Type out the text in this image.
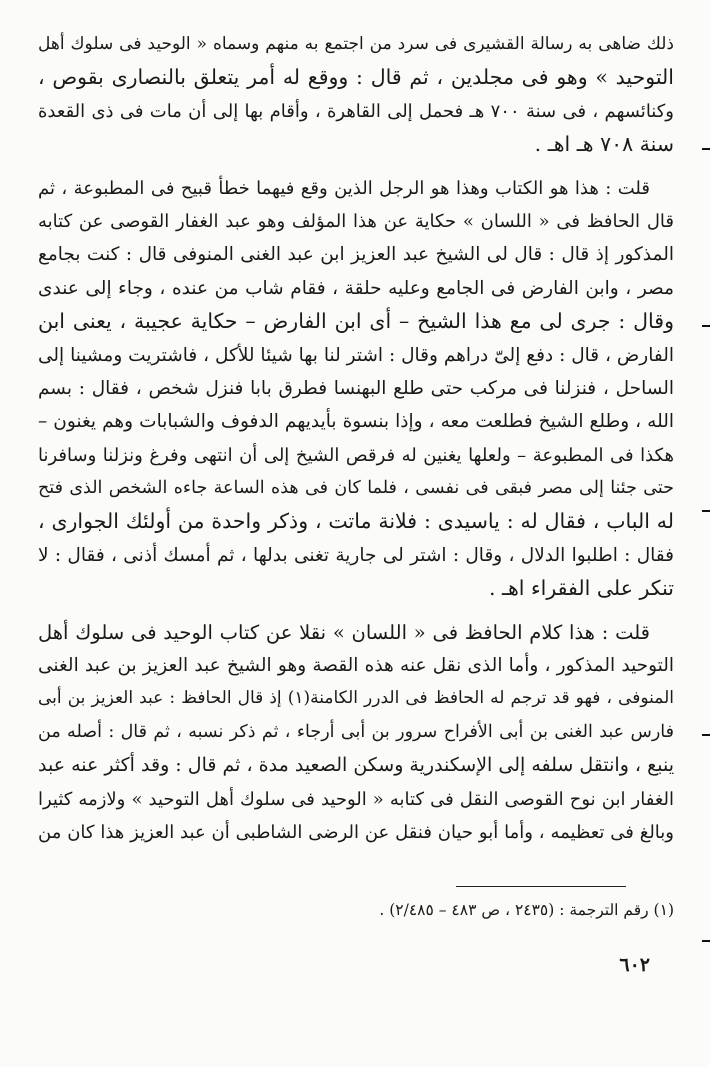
ذلك ضاهى به رسالة القشيرى فى سرد من اجتمع به منهم وسماه « الوحيد فى سلوك أهل
التوحيد » وهو فى مجلدين ، ثم قال : ووقع له أمر يتعلق بالنصارى بقوص ،
وكنائسهم ، فى سنة ٧٠٠ هـ فحمل إلى القاهرة ، وأقام بها إلى أن مات فى ذى القعدة
سنة ٧٠٨ هـ اهـ .
قلت : هذا هو الكتاب وهذا هو الرجل الذين وقع فيهما خطأ قبيح فى المطبوعة ، ثم
قال الحافظ فى « اللسان » حكاية عن هذا المؤلف وهو عبد الغفار القوصى عن كتابه
المذكور إذ قال : قال لى الشيخ عبد العزيز ابن عبد الغنى المنوفى قال : كنت بجامع
مصر ، وابن الفارض فى الجامع وعليه حلقة ، فقام شاب من عنده ، وجاء إلى عندى
وقال : جرى لى مع هذا الشيخ – أى ابن الفارض – حكاية عجيبة ، يعنى ابن
الفارض ، قال : دفع إلىّ دراهم وقال : اشتر لنا بها شيئا للأكل ، فاشتريت ومشينا إلى
الساحل ، فنزلنا فى مركب حتى طلع البهنسا فطرق بابا فنزل شخص ، فقال : بسم
الله ، وطلع الشيخ فطلعت معه ، وإذا بنسوة بأيديهم الدفوف والشبابات وهم يغنون –
هكذا فى المطبوعة – ولعلها يغنين له فرقص الشيخ إلى أن انتهى وفرغ ونزلنا وسافرنا
حتى جئنا إلى مصر فبقى فى نفسى ، فلما كان فى هذه الساعة جاءه الشخص الذى فتح
له الباب ، فقال له : ياسيدى : فلانة ماتت ، وذكر واحدة من أولئك الجوارى ،
فقال : اطلبوا الدلال ، وقال : اشتر لى جارية تغنى بدلها ، ثم أمسك أذنى ، فقال : لا
تنكر على الفقراء اهـ .
قلت : هذا كلام الحافظ فى « اللسان » نقلا عن كتاب الوحيد فى سلوك أهل
التوحيد المذكور ، وأما الذى نقل عنه هذه القصة وهو الشيخ عبد العزيز بن عبد الغنى
المنوفى ، فهو قد ترجم له الحافظ فى الدرر الكامنة(١) إذ قال الحافظ : عبد العزيز بن أبى
فارس عبد الغنى بن أبى الأفراح سرور بن أبى أرجاء ، ثم ذكر نسبه ، ثم قال : أصله من
ينبع ، وانتقل سلفه إلى الإسكندرية وسكن الصعيد مدة ، ثم قال : وقد أكثر عنه عبد
الغفار ابن نوح القوصى النقل فى كتابه « الوحيد فى سلوك أهل التوحيد » ولازمه كثيرا
وبالغ فى تعظيمه ، وأما أبو حيان فنقل عن الرضى الشاطبى أن عبد العزيز هذا كان من
(١) رقم الترجمة : (٢٤٣٥ ، ص ٤٨٣ – ٢/٤٨٥) .
٦٠٢
